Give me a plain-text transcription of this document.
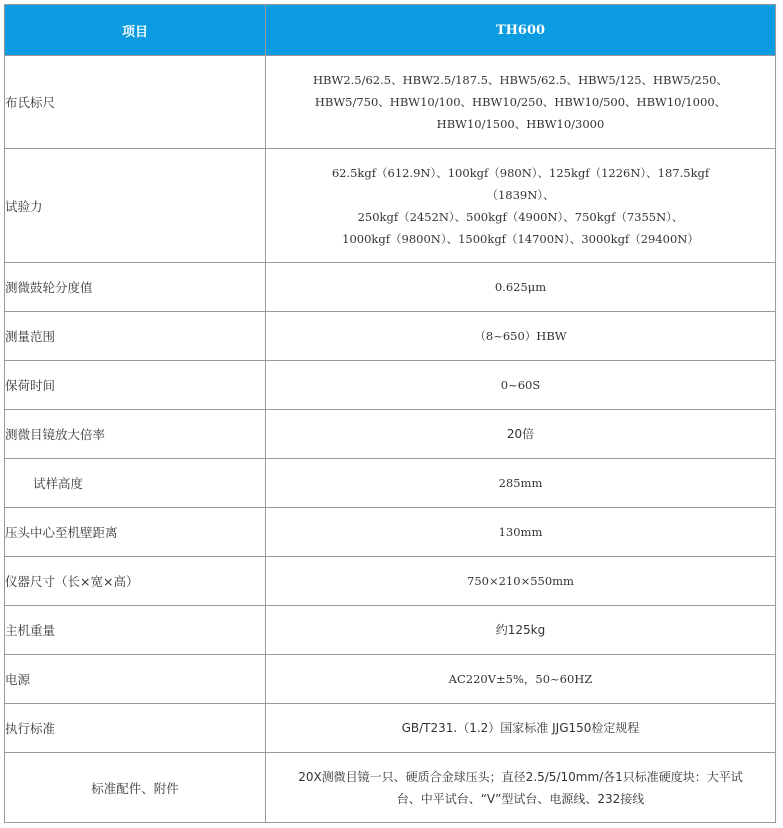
项目	TH600
布氏标尺	HBW2.5/62.5、HBW2.5/187.5、HBW5/62.5、HBW5/125、HBW5/250、
HBW5/750、HBW10/100、HBW10/250、HBW10/500、HBW10/1000、
HBW10/1500、HBW10/3000

试验力	62.5kgf（612.9N）、100kgf（980N）、125kgf（1226N）、187.5kgf
（1839N）、
250kgf（2452N）、500kgf（4900N）、750kgf（7355N）、
1000kgf（9800N）、1500kgf（14700N）、3000kgf（29400N）

测微鼓轮分度值	0.625μm
测量范围	（8~650）HBW
保荷时间	0~60S
测微目镜放大倍率	20倍
试样高度	285mm
压头中心至机壁距离	130mm
仪器尺寸（长×宽×高）	750×210×550mm
主机重量	约125kg
电源	AC220V±5%，50~60HZ
执行标准	GB/T231.（1.2）国家标准 JJG150检定规程
标准配件、附件	20X测微目镜一只、硬质合金球压头；直径2.5/5/10mm/各1只标准硬度块：大平试
台、中平试台、“V”型试台、电源线、232接线
